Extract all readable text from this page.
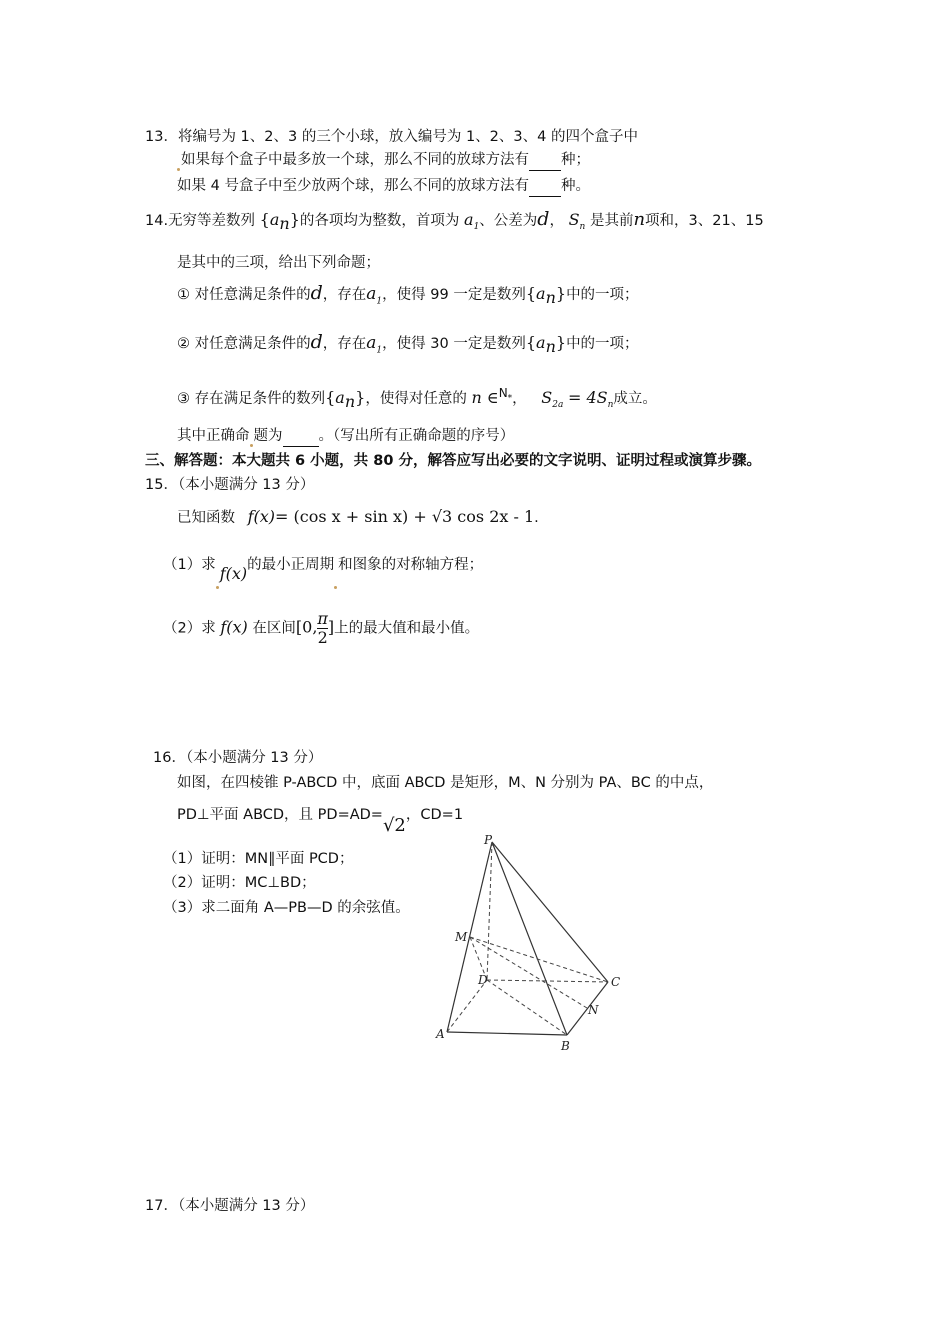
13．将编号为 1、2、3 的三个小球，放入编号为 1、2、3、4 的四个盒子中
如果每个盒子中最多放一个球，那么不同的放球方法有 种；
如果 4 号盒子中至少放两个球，那么不同的放球方法有 种。
14.无穷等差数列 $\{a_n\}$的各项均为整数，首项为 $a_1$、公差为d， $S_n$ 是其前n项和，3、21、15
是其中的三项，给出下列命题；
① 对任意满足条件的d，存在$a_1$，使得 99 一定是数列$\{a_n\}$中的一项；
② 对任意满足条件的d，存在$a_1$，使得 30 一定是数列$\{a_n\}$中的一项；
③ 存在满足条件的数列$\{a_n\}$，使得对任意的 n ∈$^{N_*}$， $S_{2a} = 4S_n$成立。
其中正确命 题为 。（写出所有正确命题的序号）
三、解答题：本大题共 6 小题，共 80 分，解答应写出必要的文字说明、证明过程或演算步骤。
15．（本小题满分 13 分）
已知函数 f(x)= (cos x + sin x) + √3 cos 2x - 1.
（1）求 f(x)的最小正周期 和图象的对称轴方程；
（2）求 f(x) 在区间[0, $\frac{\pi}{2}$ ]上的最大值和最小值。
16．（本小题满分 13 分）
如图，在四棱锥 P-ABCD 中，底面 ABCD 是矩形，M、N 分别为 PA、BC 的中点，
PD⊥平面 ABCD，且 PD=AD=√2，CD=1
（1）证明：MN∥平面 PCD；
（2）证明：MC⊥BD；
（3）求二面角 A—PB—D 的余弦值。
P
M
D	C
N
A
B
17．（本小题满分 13 分）
